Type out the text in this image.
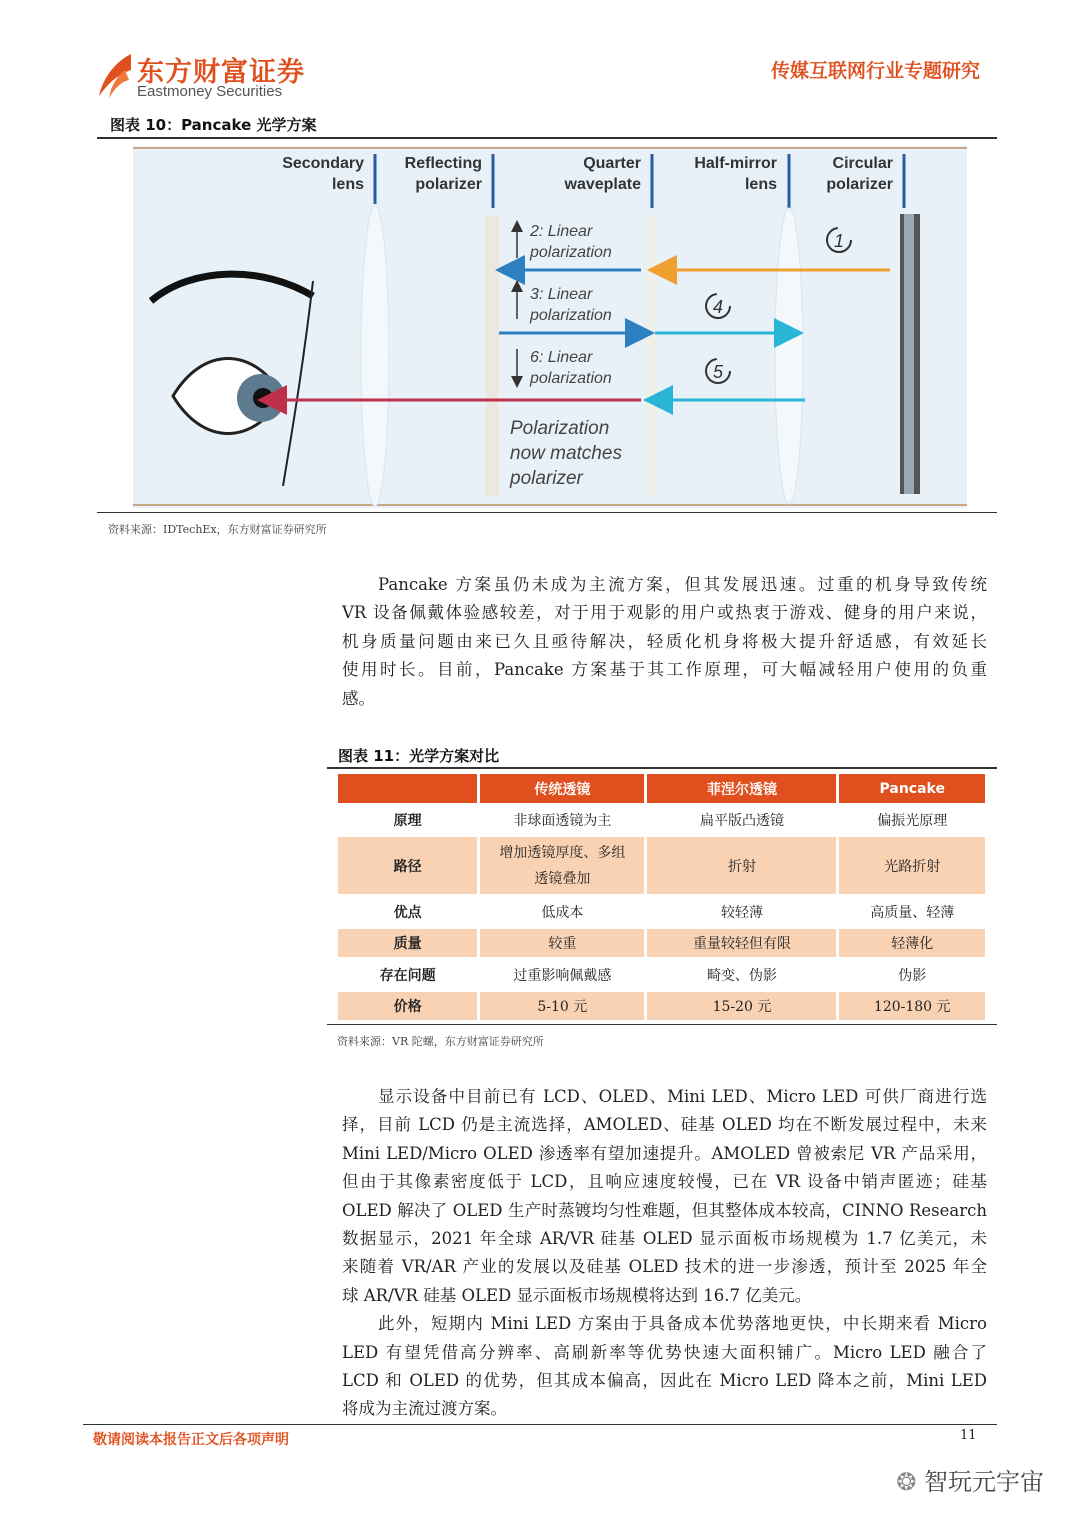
东方财富证券
Eastmoney Securities
传媒互联网行业专题研究
图表 10：Pancake 光学方案
Secondary
lens
Reflecting
polarizer
Quarter
waveplate
Half-mirror
lens
Circular
polarizer
2: Linear
polarization
3: Linear
polarization
6: Linear
polarization
Polarization
now matches
polarizer
1
4
5
资料来源：IDTechEx，东方财富证券研究所
Pancake 方案虽仍未成为主流方案，但其发展迅速。过重的机身导致传统
VR 设备佩戴体验感较差，对于用于观影的用户或热衷于游戏、健身的用户来说，
机身质量问题由来已久且亟待解决，轻质化机身将极大提升舒适感，有效延长
使用时长。目前，Pancake 方案基于其工作原理，可大幅减轻用户使用的负重
感。
图表 11：光学方案对比
	传统透镜	菲涅尔透镜	Pancake
原理	非球面透镜为主	扁平版凸透镜	偏振光原理
路径	增加透镜厚度、多组透镜叠加	折射	光路折射
优点	低成本	较轻薄	高质量、轻薄
质量	较重	重量较轻但有限	轻薄化
存在问题	过重影响佩戴感	畸变、伪影	伪影
价格	5-10 元	15-20 元	120-180 元
资料来源：VR 陀螺，东方财富证券研究所
显示设备中目前已有 LCD、OLED、Mini LED、Micro LED 可供厂商进行选
择，目前 LCD 仍是主流选择，AMOLED、硅基 OLED 均在不断发展过程中，未来
Mini LED/Micro OLED 渗透率有望加速提升。AMOLED 曾被索尼 VR 产品采用，
但由于其像素密度低于 LCD，且响应速度较慢，已在 VR 设备中销声匿迹；硅基
OLED 解决了 OLED 生产时蒸镀均匀性难题，但其整体成本较高，CINNO Research
数据显示，2021 年全球 AR/VR 硅基 OLED 显示面板市场规模为 1.7 亿美元，未
来随着 VR/AR 产业的发展以及硅基 OLED 技术的进一步渗透，预计至 2025 年全
球 AR/VR 硅基 OLED 显示面板市场规模将达到 16.7 亿美元。
此外，短期内 Mini LED 方案由于具备成本优势落地更快，中长期来看 Micro
LED 有望凭借高分辨率、高刷新率等优势快速大面积铺广。Micro LED 融合了
LCD 和 OLED 的优势，但其成本偏高，因此在 Micro LED 降本之前，Mini LED
将成为主流过渡方案。
敬请阅读本报告正文后各项声明	11
❂ 智玩元宇宙
